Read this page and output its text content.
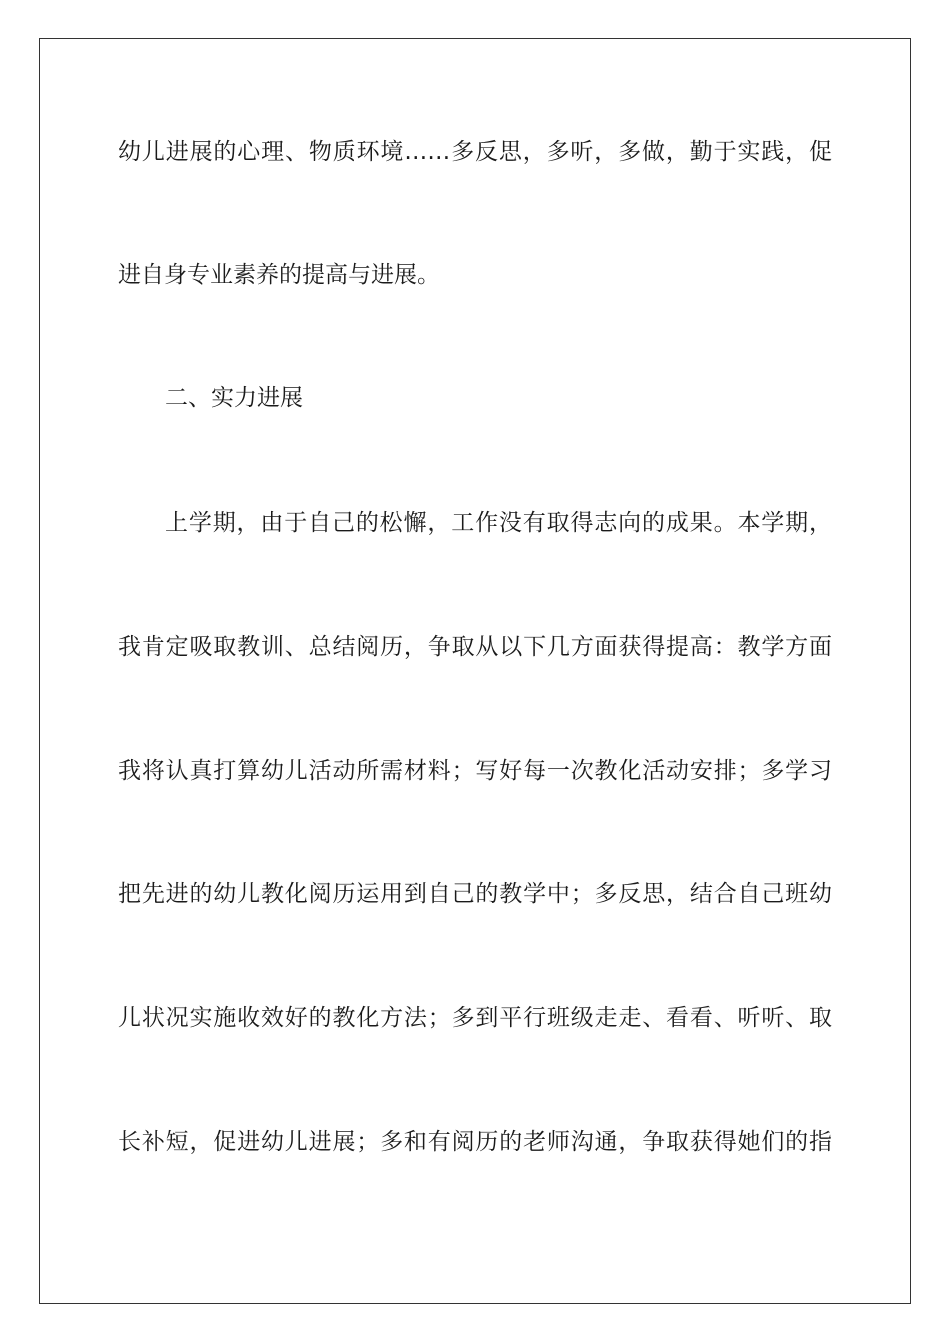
幼儿进展的心理、物质环境……多反思，多听，多做，勤于实践，促
进自身专业素养的提高与进展。
二、实力进展
上学期，由于自己的松懈，工作没有取得志向的成果。本学期，
我肯定吸取教训、总结阅历，争取从以下几方面获得提高：教学方面
我将认真打算幼儿活动所需材料；写好每一次教化活动安排；多学习
把先进的幼儿教化阅历运用到自己的教学中；多反思，结合自己班幼
儿状况实施收效好的教化方法；多到平行班级走走、看看、听听、取
长补短，促进幼儿进展；多和有阅历的老师沟通，争取获得她们的指
